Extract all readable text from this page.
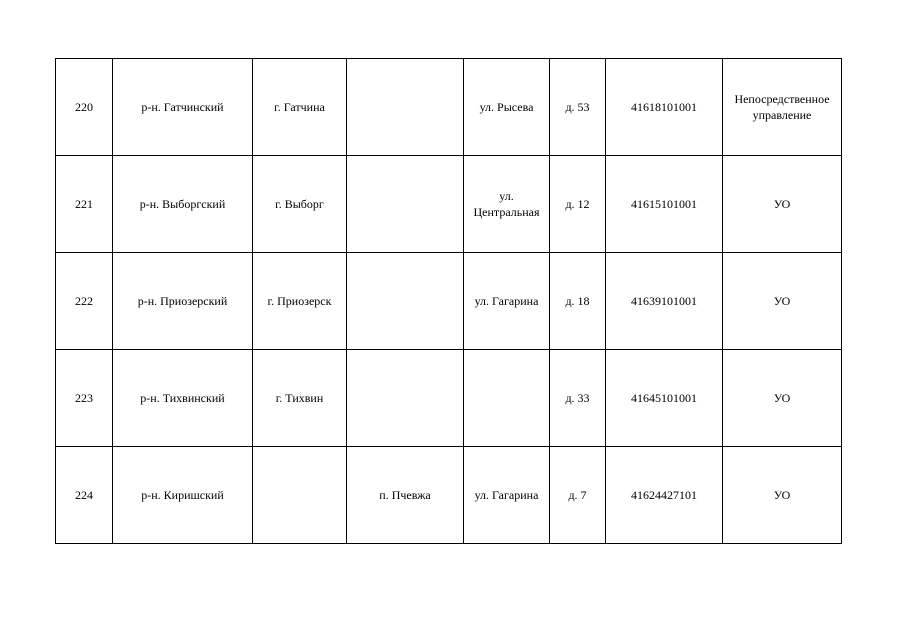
220	р-н. Гатчинский	г. Гатчина		ул. Рысева	д. 53	41618101001	Непосредственное управление
221	р-н. Выборгский	г. Выборг		ул. Центральная	д. 12	41615101001	УО
222	р-н. Приозерский	г. Приозерск		ул. Гагарина	д. 18	41639101001	УО
223	р-н. Тихвинский	г. Тихвин			д. 33	41645101001	УО
224	р-н. Киришский		п. Пчевжа	ул. Гагарина	д. 7	41624427101	УО
